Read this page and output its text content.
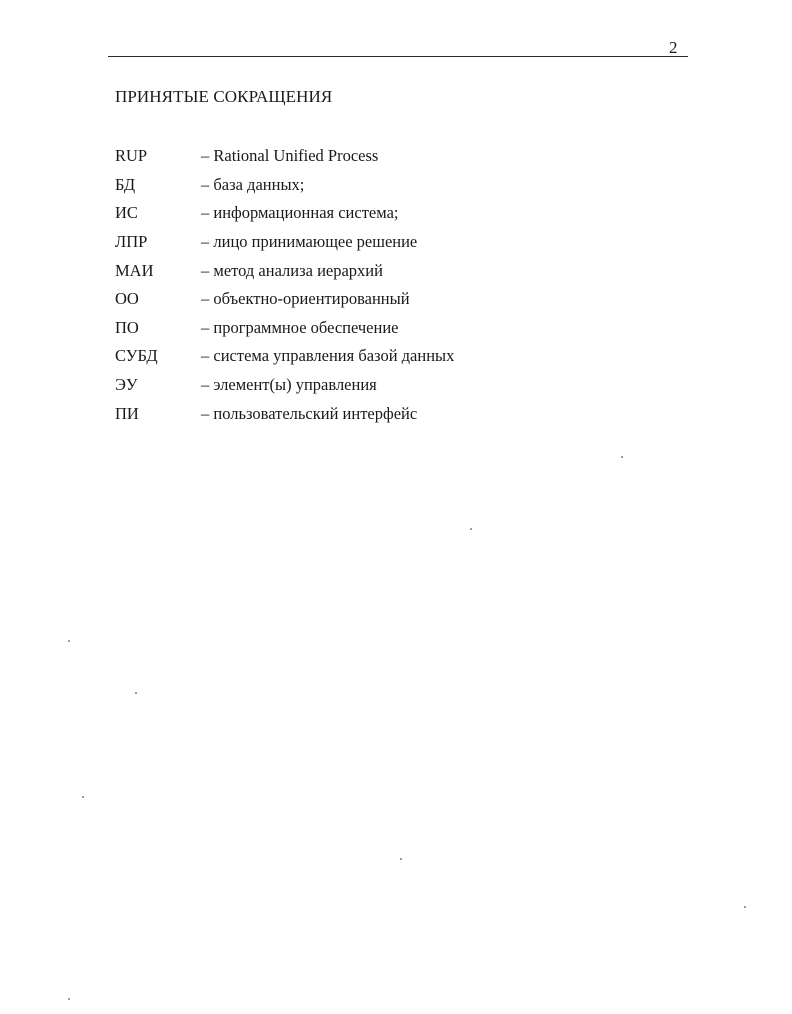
2
ПРИНЯТЫЕ СОКРАЩЕНИЯ
RUP	– Rational Unified Process
БД	– база данных;
ИС	– информационная система;
ЛПР	– лицо принимающее решение
МАИ	– метод анализа иерархий
ОО	– объектно-ориентированный
ПО	– программное обеспечение
СУБД	– система управления базой данных
ЭУ	– элемент(ы) управления
ПИ	– пользовательский интерфейс
